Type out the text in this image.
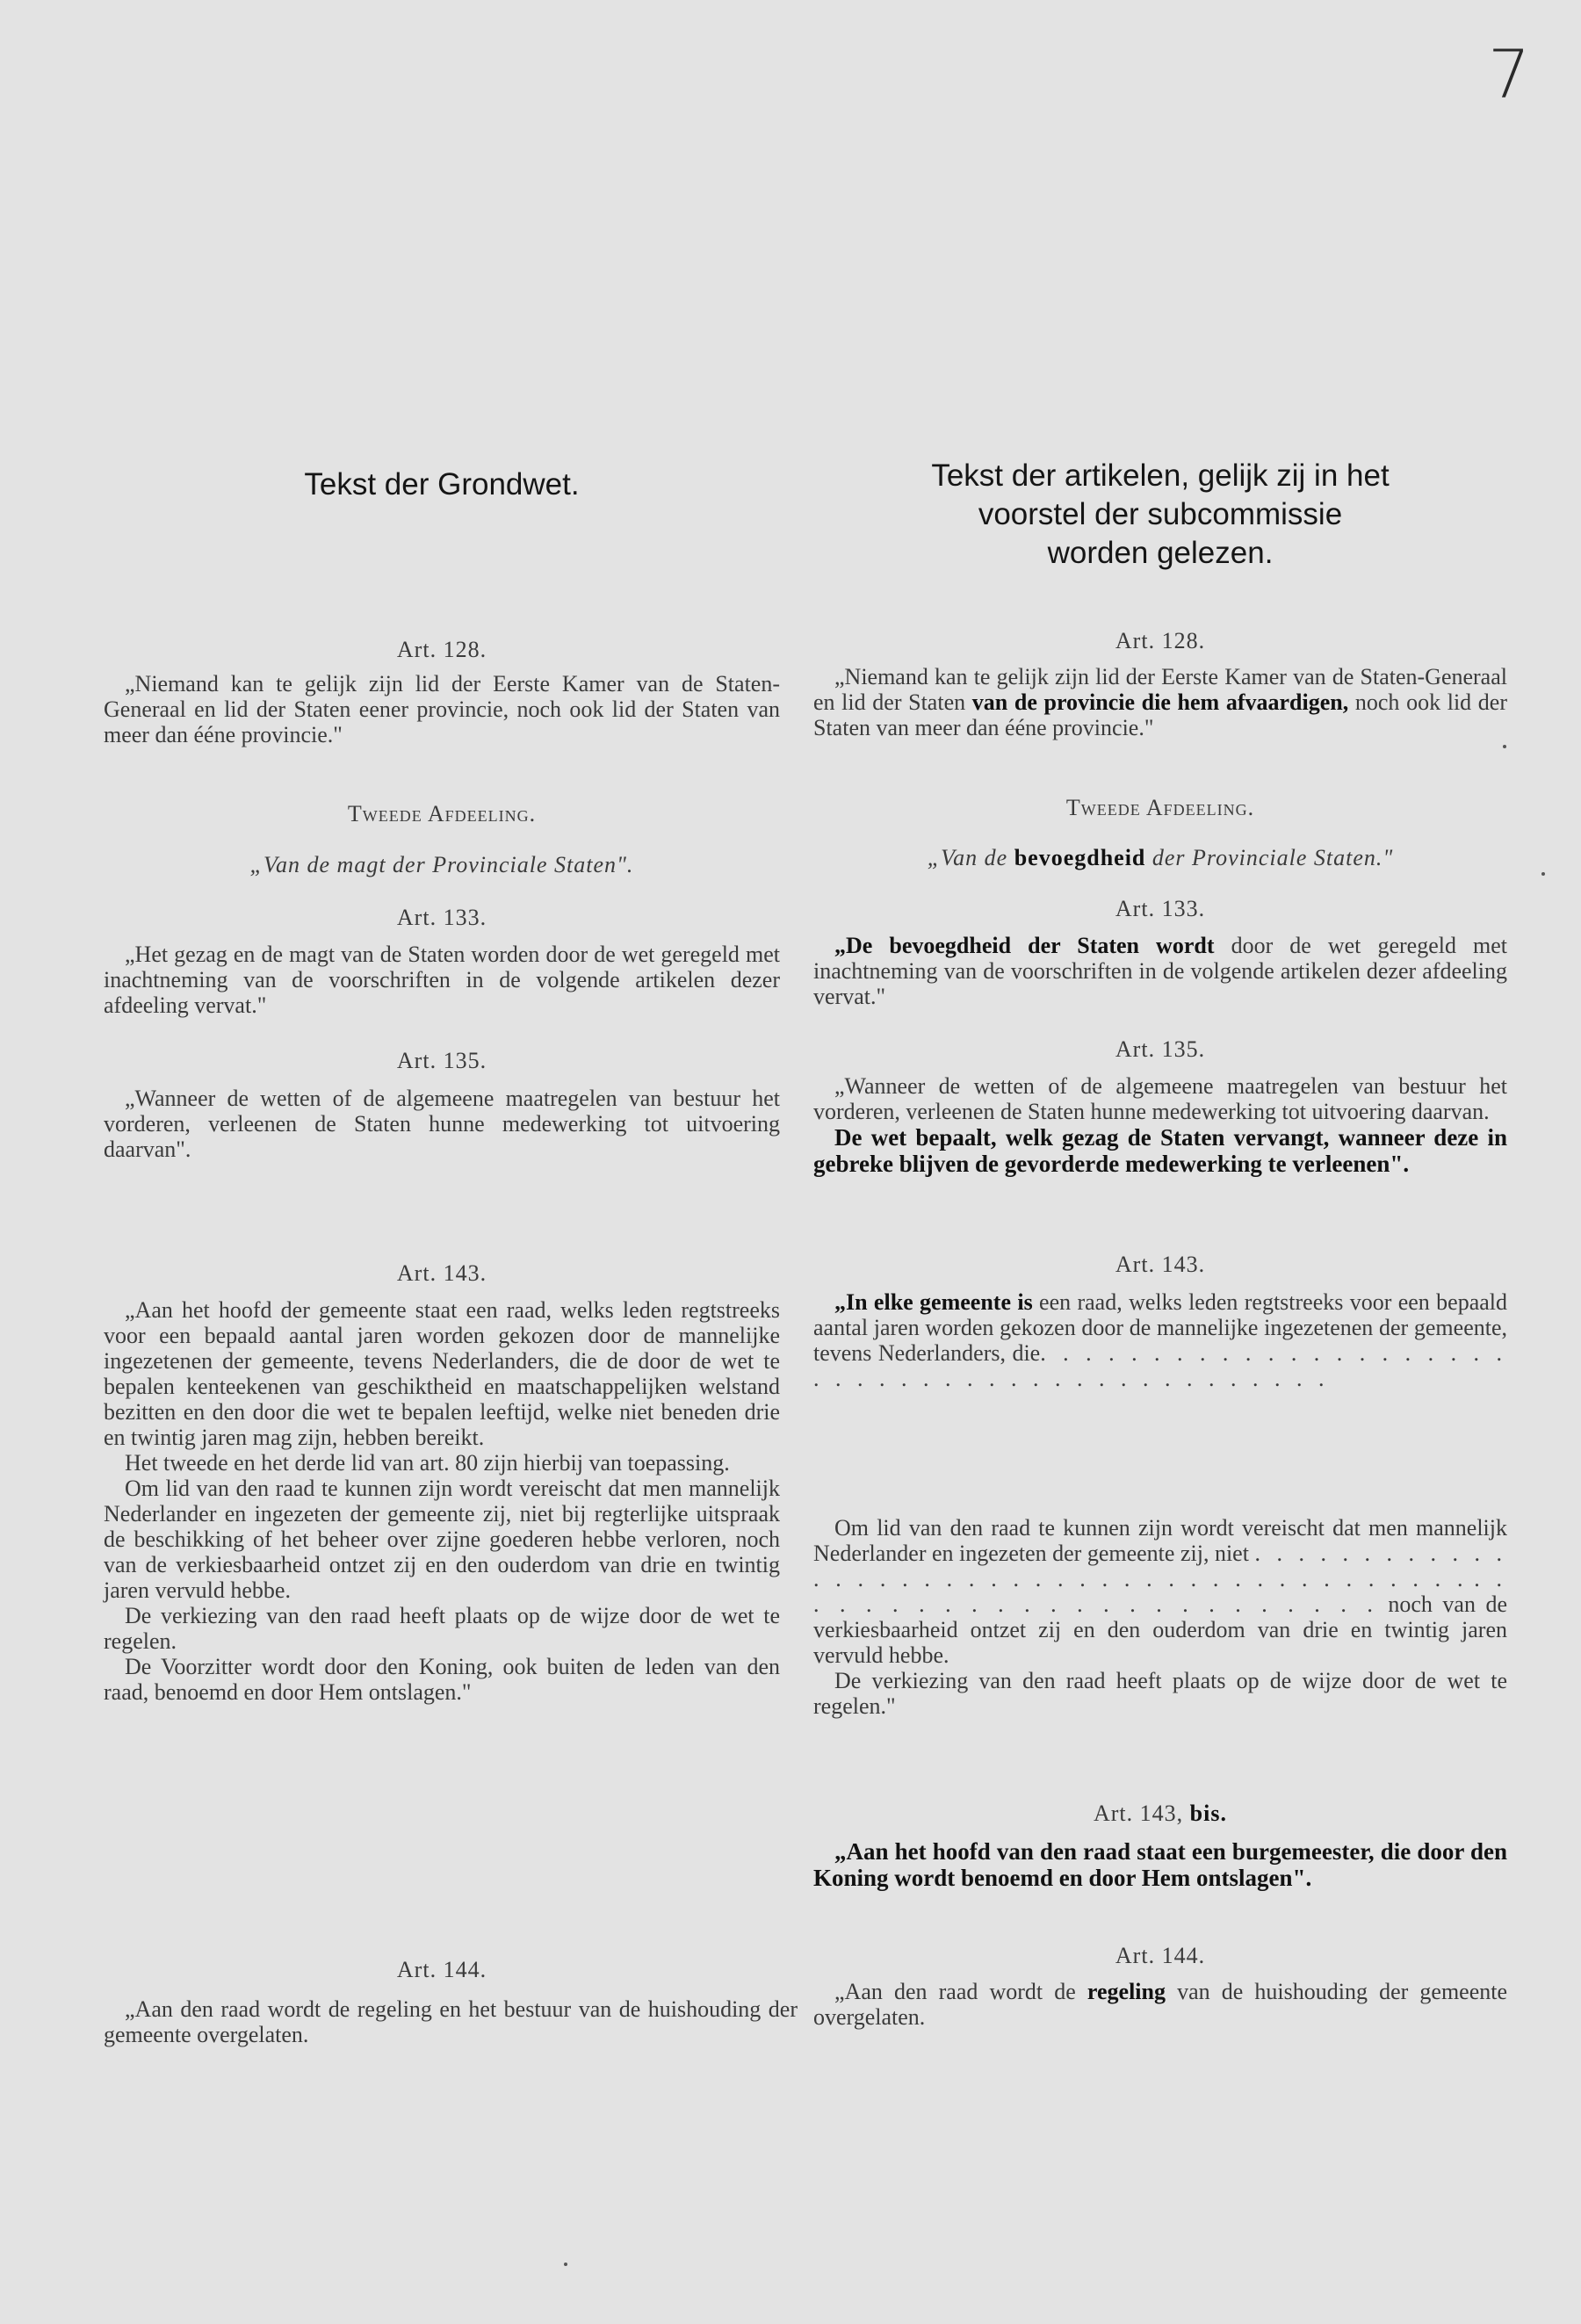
7
Tekst der Grondwet.
Art. 128.

„Niemand kan te gelijk zijn lid der Eerste Kamer van de Staten-Generaal en lid der Staten eener provincie, noch ook lid der Staten van meer dan ééne provincie."

Tweede Afdeeling.
„Van de magt der Provinciale Staten".
Art. 133.

„Het gezag en de magt van de Staten worden door de wet geregeld met inachtneming van de voorschriften in de volgende artikelen dezer afdeeling vervat."

Art. 135.

„Wanneer de wetten of de algemeene maatregelen van bestuur het vorderen, verleenen de Staten hunne medewerking tot uitvoering daarvan".

Art. 143.

„Aan het hoofd der gemeente staat een raad, welks leden regtstreeks voor een bepaald aantal jaren worden gekozen door de mannelijke ingezetenen der gemeente, tevens Nederlanders, die de door de wet te bepalen kenteekenen van geschiktheid en maatschappelijken welstand bezitten en den door die wet te bepalen leeftijd, welke niet beneden drie en twintig jaren mag zijn, hebben bereikt.

Het tweede en het derde lid van art. 80 zijn hierbij van toepassing.

Om lid van den raad te kunnen zijn wordt vereischt dat men mannelijk Nederlander en ingezeten der gemeente zij, niet bij regterlijke uitspraak de beschikking of het beheer over zijne goederen hebbe verloren, noch van de verkiesbaarheid ontzet zij en den ouderdom van drie en twintig jaren vervuld hebbe.

De verkiezing van den raad heeft plaats op de wijze door de wet te regelen.

De Voorzitter wordt door den Koning, ook buiten de leden van den raad, benoemd en door Hem ontslagen."

Art. 144.

„Aan den raad wordt de regeling en het bestuur van de huishouding der gemeente overgelaten.

Tekst der artikelen, gelijk zij in het
voorstel der subcommissie
worden gelezen.
Art. 128.

„Niemand kan te gelijk zijn lid der Eerste Kamer van de Staten-Generaal en lid der Staten van de provincie die hem afvaardigen, noch ook lid der Staten van meer dan ééne provincie."

Tweede Afdeeling.
„Van de bevoegdheid der Provinciale Staten."
Art. 133.

„De bevoegdheid der Staten wordt door de wet geregeld met inachtneming van de voorschriften in de volgende artikelen dezer afdeeling vervat."

Art. 135.

„Wanneer de wetten of de algemeene maatregelen van bestuur het vorderen, verleenen de Staten hunne medewerking tot uitvoering daarvan.

De wet bepaalt, welk gezag de Staten vervangt, wanneer deze in gebreke blijven de gevorderde medewerking te verleenen".

Art. 143.

„In elke gemeente is een raad, welks leden regtstreeks voor een bepaald aantal jaren worden gekozen door de mannelijke ingezetenen der gemeente, tevens Nederlanders, die. . . . . . . . . . . . . . . . . . . . . . . . . . . . . . . . . . . . . . . . . . . . .

Om lid van den raad te kunnen zijn wordt vereischt dat men mannelijk Nederlander en ingezeten der gemeente zij, niet . . . . . . . . . . . . . . . . . . . . . . . . . . . . . . . . . . . . . . . . . . . . . . . . . . . . . . . . . . . . . . . . . . noch van de verkiesbaarheid ontzet zij en den ouderdom van drie en twintig jaren vervuld hebbe.

De verkiezing van den raad heeft plaats op de wijze door de wet te regelen."

Art. 143, bis.

„Aan het hoofd van den raad staat een burgemeester, die door den Koning wordt benoemd en door Hem ontslagen".

Art. 144.

„Aan den raad wordt de regeling van de huishouding der gemeente overgelaten.
